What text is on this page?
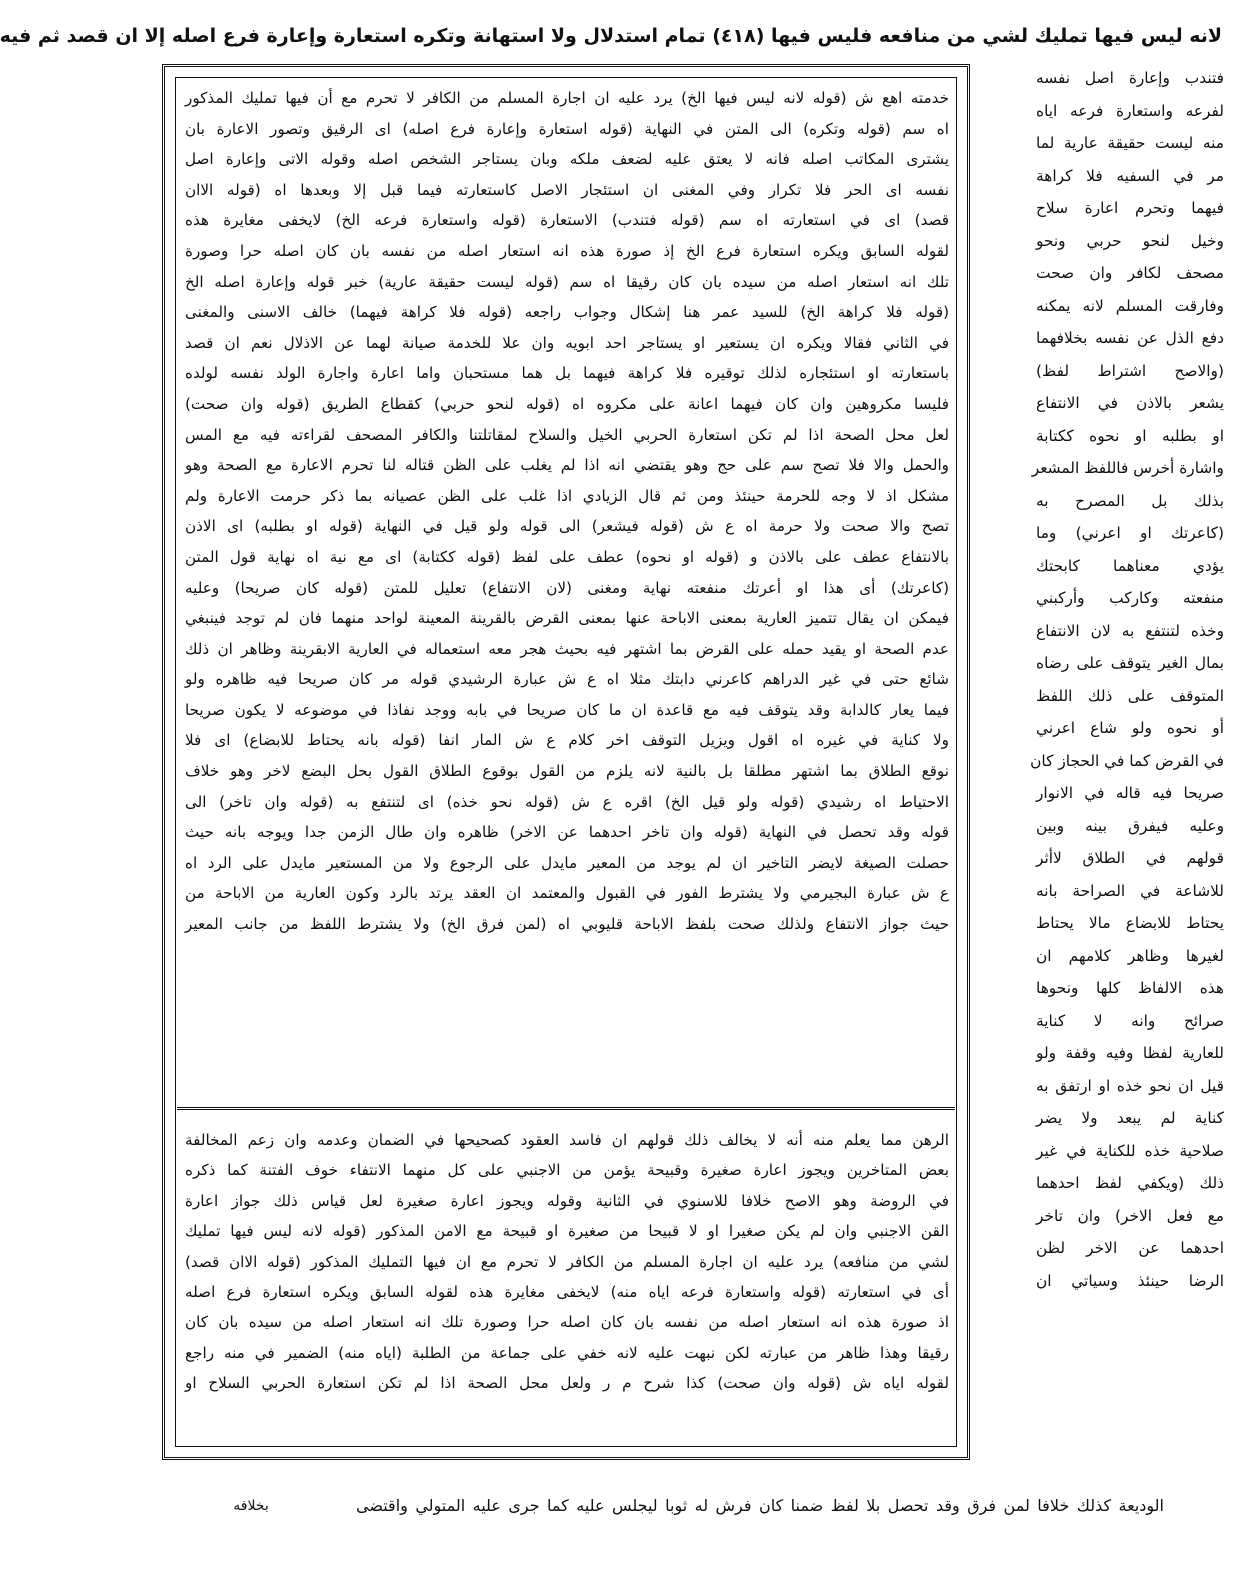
لانه ليس فيها تمليك لشي من منافعه فليس فيها (٤١٨) تمام استدلال ولا استهانة وتكره استعارة وإعارة فرع اصله إلا ان قصد ثم فيه
فتندب وإعارة اصل نفسه
لفرعه واستعارة فرعه اياه
منه ليست حقيقة عارية لما
مر في السفيه فلا كراهة
فيهما وتحرم اعارة سلاح
وخيل لنحو حربي ونحو
مصحف لكافر وان صحت
وفارقت المسلم لانه يمكنه
دفع الذل عن نفسه بخلافهما
(والاصح اشتراط لفظ)
يشعر بالاذن في الانتفاع
او بطلبه او نحوه ككتابة
واشارة أخرس فاللفظ المشعر
بذلك بل المصرح به
(كاعرتك او اعرني) وما
يؤدي معناهما كابحتك
منفعته وكاركب وأركبني
وخذه لتنتفع به لان الانتفاع
بمال الغير يتوقف على رضاه
المتوقف على ذلك اللفظ
أو نحوه ولو شاع اعرني
في القرض كما في الحجاز كان
صريحا فيه قاله في الانوار
وعليه فيفرق بينه وبين
قولهم في الطلاق لاأثر
للاشاعة في الصراحة بانه
يحتاط للابضاع مالا يحتاط
لغيرها وظاهر كلامهم ان
هذه الالفاظ كلها ونحوها
صرائح وانه لا كناية
للعارية لفظا وفيه وقفة ولو
قيل ان نحو خذه او ارتفق به
كناية لم يبعد ولا يضر
صلاحية خذه للكناية في غير
ذلك (ويكفي لفظ احدهما
مع فعل الاخر) وان تاخر
احدهما عن الاخر لظن
الرضا حينئذ وسياتي ان
خدمته اهع ش (قوله لانه ليس فيها الخ) يرد عليه ان اجارة المسلم من الكافر لا تحرم مع أن فيها تمليك المذكور
اه سم (قوله وتكره) الى المتن في النهاية (قوله استعارة وإعارة فرع اصله) اى الرقيق وتصور الاعارة بان
يشترى المكاتب اصله فانه لا يعتق عليه لضعف ملكه وبان يستاجر الشخص اصله وقوله الاتى وإعارة اصل
نفسه اى الحر فلا تكرار وفي المغنى ان استئجار الاصل كاستعارته فيما قبل إلا وبعدها اه (قوله الاان
قصد) اى في استعارته اه سم (قوله فتندب) الاستعارة (قوله واستعارة فرعه الخ) لايخفى مغايرة هذه
لقوله السابق ويكره استعارة فرع الخ إذ صورة هذه انه استعار اصله من نفسه بان كان اصله حرا وصورة
تلك انه استعار اصله من سيده بان كان رقيقا اه سم (قوله ليست حقيقة عارية) خبر قوله وإعارة اصله الخ
(قوله فلا كراهة الخ) للسيد عمر هنا إشكال وجواب راجعه (قوله فلا كراهة فيهما) خالف الاسنى والمغنى
في الثاني فقالا ويكره ان يستعير او يستاجر احد ابويه وان علا للخدمة صيانة لهما عن الاذلال نعم ان قصد
باستعارته او استئجاره لذلك توقيره فلا كراهة فيهما بل هما مستحبان واما اعارة واجارة الولد نفسه لولده
فليسا مكروهين وان كان فيهما اعانة على مكروه اه (قوله لنحو حربي) كقطاع الطريق (قوله وان صحت)
لعل محل الصحة اذا لم تكن استعارة الحربي الخيل والسلاح لمقاتلتنا والكافر المصحف لقراءته فيه مع المس
والحمل والا فلا تصح سم على حج وهو يقتضي انه اذا لم يغلب على الظن قتاله لنا تحرم الاعارة مع الصحة وهو
مشكل اذ لا وجه للحرمة حينئذ ومن ثم قال الزيادي اذا غلب على الظن عصيانه بما ذكر حرمت الاعارة ولم
تصح والا صحت ولا حرمة اه ع ش (قوله فيشعر) الى قوله ولو قيل في النهاية (قوله او بطلبه) اى الاذن
بالانتفاع عطف على بالاذن و (قوله او نحوه) عطف على لفظ (قوله ككتابة) اى مع نية اه نهاية قول المتن
(كاعرتك) أى هذا او أعرتك منفعته نهاية ومغنى (لان الانتفاع) تعليل للمتن (قوله كان صريحا) وعليه
فيمكن ان يقال تتميز العارية بمعنى الاباحة عنها بمعنى القرض بالقرينة المعينة لواحد منهما فان لم توجد فينبغي
عدم الصحة او يقيد حمله على القرض بما اشتهر فيه بحيث هجر معه استعماله في العارية الابقرينة وظاهر ان ذلك
شائع حتى في غير الدراهم كاعرني دابتك مثلا اه ع ش عبارة الرشيدي قوله مر كان صريحا فيه ظاهره ولو
فيما يعار كالدابة وقد يتوقف فيه مع قاعدة ان ما كان صريحا في بابه ووجد نفاذا في موضوعه لا يكون صريحا
ولا كناية في غيره اه اقول ويزيل التوقف اخر كلام ع ش المار انفا (قوله بانه يحتاط للابضاع) اى فلا
نوقع الطلاق بما اشتهر مطلقا بل بالنية لانه يلزم من القول بوقوع الطلاق القول بحل البضع لاخر وهو خلاف
الاحتياط اه رشيدي (قوله ولو قيل الخ) اقره ع ش (قوله نحو خذه) اى لتنتفع به (قوله وان تاخر) الى
قوله وقد تحصل في النهاية (قوله وان تاخر احدهما عن الاخر) ظاهره وان طال الزمن جدا ويوجه بانه حيث
حصلت الصيغة لايضر التاخير ان لم يوجد من المعير مايدل على الرجوع ولا من المستعير مايدل على الرد اه
ع ش عبارة البجيرمي ولا يشترط الفور في القبول والمعتمد ان العقد يرتد بالرد وكون العارية من الاباحة من
حيث جواز الانتفاع ولذلك صحت بلفظ الاباحة قليوبي اه (لمن فرق الخ) ولا يشترط اللفظ من جانب المعير
الرهن مما يعلم منه أنه لا يخالف ذلك قولهم ان فاسد العقود كصحيحها في الضمان وعدمه وان زعم المخالفة
بعض المتاخرين ويجوز اعارة صغيرة وقبيحة يؤمن من الاجنبي على كل منهما الانتفاء خوف الفتنة كما ذكره
في الروضة وهو الاصح خلافا للاسنوي في الثانية وقوله ويجوز اعارة صغيرة لعل قياس ذلك جواز اعارة
القن الاجنبي وان لم يكن صغيرا او لا قبيحا من صغيرة او قبيحة مع الامن المذكور (قوله لانه ليس فيها تمليك
لشي من منافعه) يرد عليه ان اجارة المسلم من الكافر لا تحرم مع ان فيها التمليك المذكور (قوله الاان قصد)
أى في استعارته (قوله واستعارة فرعه اياه منه) لايخفى مغايرة هذه لقوله السابق ويكره استعارة فرع اصله
اذ صورة هذه انه استعار اصله من نفسه بان كان اصله حرا وصورة تلك انه استعار اصله من سيده بان كان
رقيقا وهذا ظاهر من عبارته لكن نبهت عليه لانه خفي على جماعة من الطلبة (اياه منه) الضمير في منه راجع
لقوله اياه ش (قوله وان صحت) كذا شرح م ر ولعل محل الصحة اذا لم تكن استعارة الحربي السلاح او
الوديعة كذلك خلافا لمن فرق وقد تحصل بلا لفظ ضمنا كان فرش له ثوبا ليجلس عليه كما جرى عليه المتولي واقتضى
بخلافه
